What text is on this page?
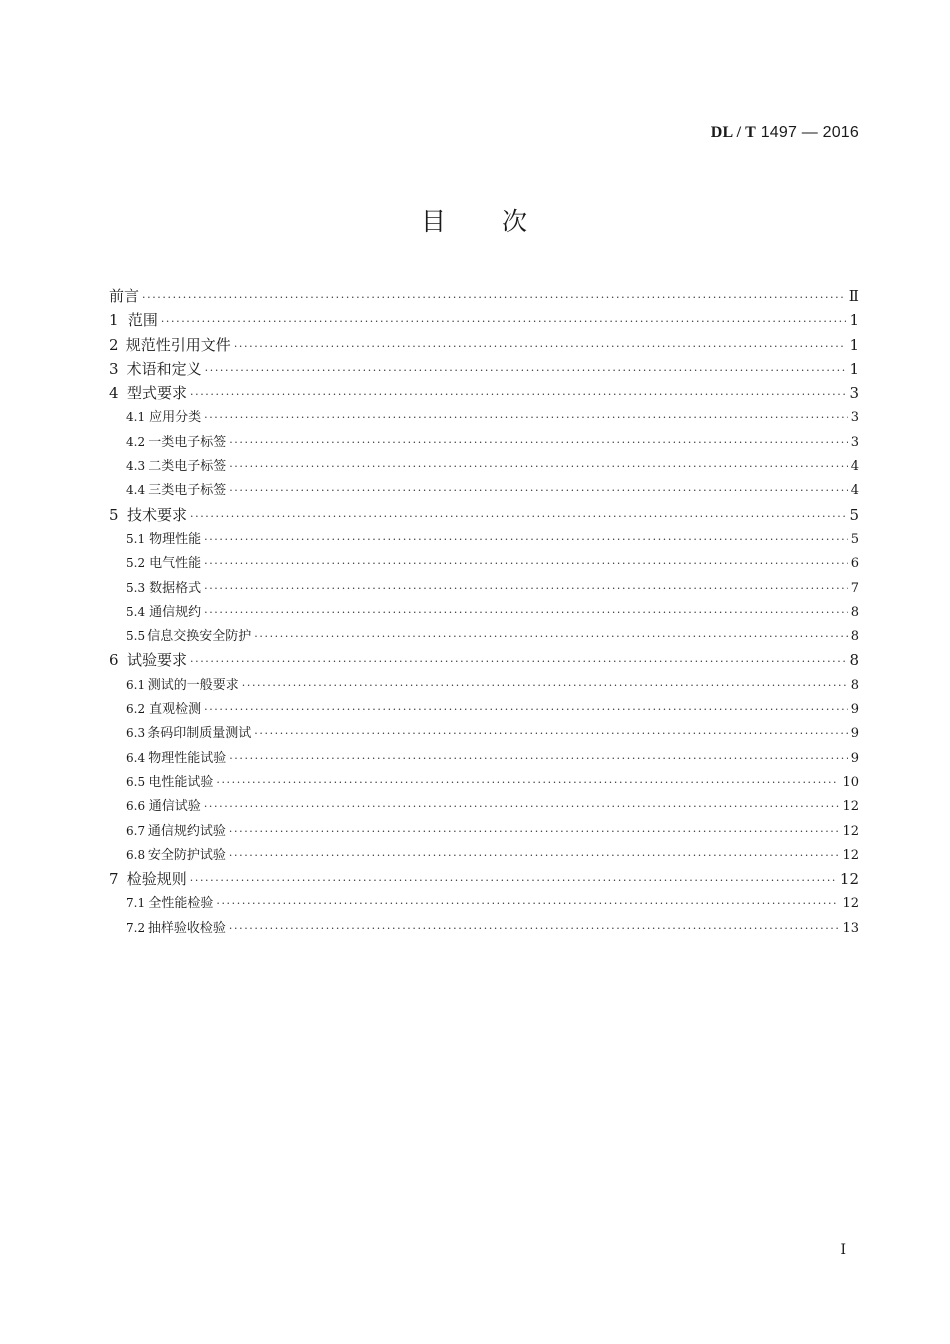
DL / T 1497 — 2016
目 次
前言 ·····	Ⅱ
1 范围 ·····	1
2 规范性引用文件 ·····	1
3 术语和定义 ·····	1
4 型式要求 ·····	3
4.1 应用分类 ·····	3
4.2 一类电子标签 ·····	3
4.3 二类电子标签 ·····	4
4.4 三类电子标签 ·····	4
5 技术要求 ·····	5
5.1 物理性能 ·····	5
5.2 电气性能 ·····	6
5.3 数据格式 ·····	7
5.4 通信规约 ·····	8
5.5 信息交换安全防护 ·····	8
6 试验要求 ·····	8
6.1 测试的一般要求 ·····	8
6.2 直观检测 ·····	9
6.3 条码印制质量测试 ·····	9
6.4 物理性能试验 ·····	9
6.5 电性能试验 ·····	10
6.6 通信试验 ·····	12
6.7 通信规约试验 ·····	12
6.8 安全防护试验 ·····	12
7 检验规则 ·····	12
7.1 全性能检验 ·····	12
7.2 抽样验收检验 ·····	13
I
